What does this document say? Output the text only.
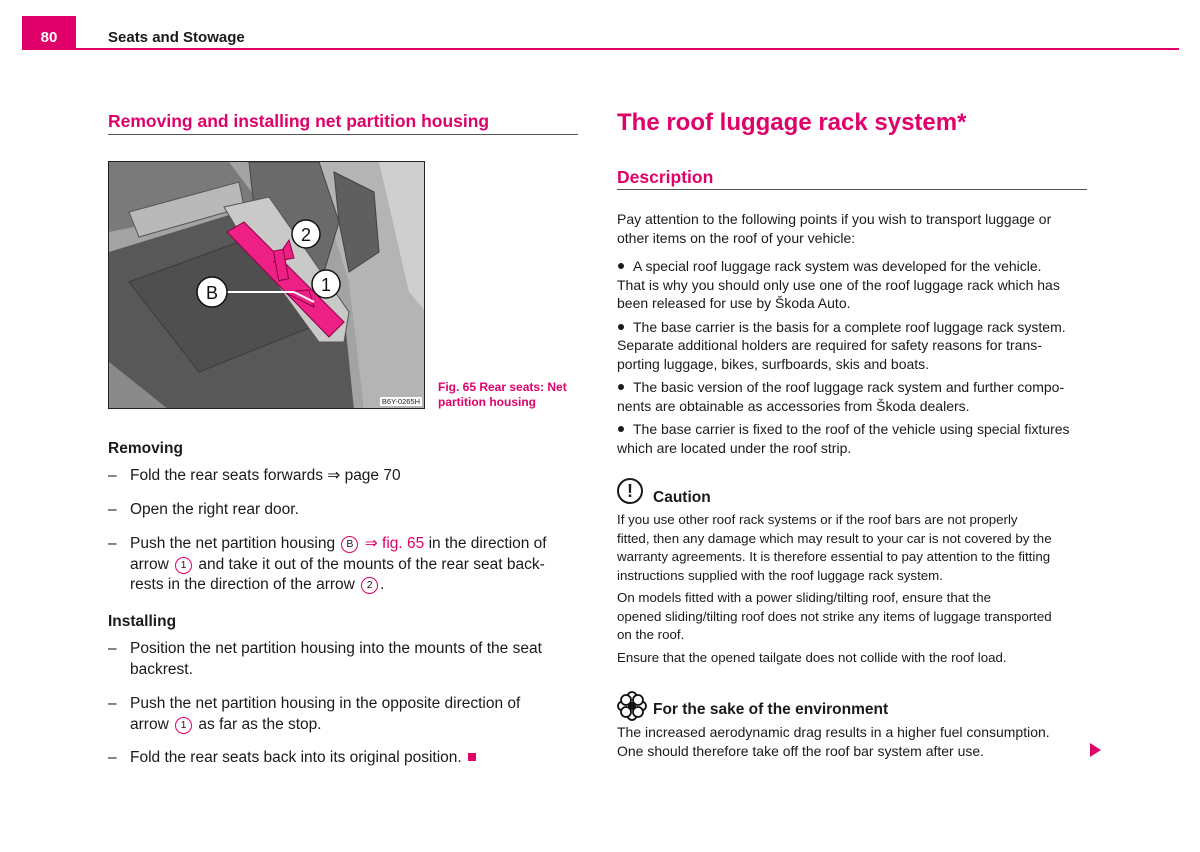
80	Seats and Stowage
Removing and installing net partition housing
2
1
B
B6Y-0265H
Fig. 65 Rear seats: Net
partition housing
Removing
– Fold the rear seats forwards ⇒ page 70
– Open the right rear door.
– Push the net partition housing B ⇒ fig. 65 in the direction of
arrow 1 and take it out of the mounts of the rear seat back-
rests in the direction of the arrow 2 .
Installing
– Position the net partition housing into the mounts of the seat
backrest.
– Push the net partition housing in the opposite direction of
arrow 1 as far as the stop.
– Fold the rear seats back into its original position.
The roof luggage rack system*
Description
Pay attention to the following points if you wish to transport luggage or
other items on the roof of your vehicle:
A special roof luggage rack system was developed for the vehicle.
That is why you should only use one of the roof luggage rack which has
been released for use by Škoda Auto.
The base carrier is the basis for a complete roof luggage rack system.
Separate additional holders are required for safety reasons for trans-
porting luggage, bikes, surfboards, skis and boats.
The basic version of the roof luggage rack system and further compo-
nents are obtainable as accessories from Škoda dealers.
The base carrier is fixed to the roof of the vehicle using special fixtures
which are located under the roof strip.
!	Caution
If you use other roof rack systems or if the roof bars are not properly
fitted, then any damage which may result to your car is not covered by the
warranty agreements. It is therefore essential to pay attention to the fitting
instructions supplied with the roof luggage rack system.
On models fitted with a power sliding/tilting roof, ensure that the
opened sliding/tilting roof does not strike any items of luggage transported
on the roof.
Ensure that the opened tailgate does not collide with the roof load.
For the sake of the environment
The increased aerodynamic drag results in a higher fuel consumption.
One should therefore take off the roof bar system after use.
